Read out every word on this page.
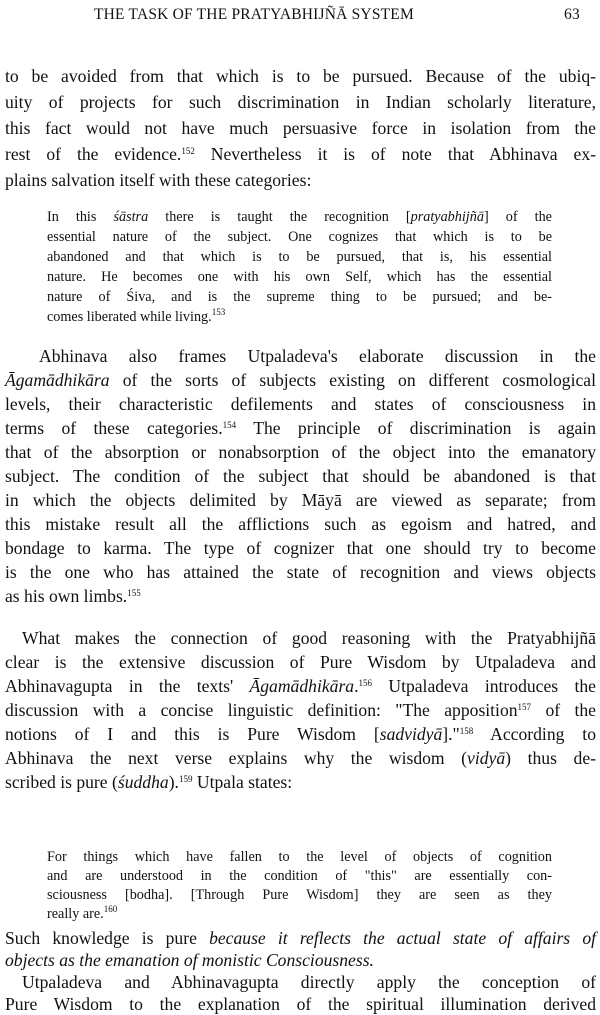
THE TASK OF THE PRATYABHIJÑĀ SYSTEM	63
to be avoided from that which is to be pursued. Because of the ubiq-
uity of projects for such discrimination in Indian scholarly literature,
this fact would not have much persuasive force in isolation from the
rest of the evidence.$^{152}$ Nevertheless it is of note that Abhinava ex-
plains salvation itself with these categories:
In this śāstra there is taught the recognition [pratyabhijñā] of the
essential nature of the subject. One cognizes that which is to be
abandoned and that which is to be pursued, that is, his essential
nature. He becomes one with his own Self, which has the essential
nature of Śiva, and is the supreme thing to be pursued; and be-
comes liberated while living.$^{153}$
Abhinava also frames Utpaladeva's elaborate discussion in the
Āgamādhikāra of the sorts of subjects existing on different cosmological
levels, their characteristic defilements and states of consciousness in
terms of these categories.$^{154}$ The principle of discrimination is again
that of the absorption or nonabsorption of the object into the emanatory
subject. The condition of the subject that should be abandoned is that
in which the objects delimited by Māyā are viewed as separate; from
this mistake result all the afflictions such as egoism and hatred, and
bondage to karma. The type of cognizer that one should try to become
is the one who has attained the state of recognition and views objects
as his own limbs.$^{155}$
What makes the connection of good reasoning with the Pratyabhijñā
clear is the extensive discussion of Pure Wisdom by Utpaladeva and
Abhinavagupta in the texts' Āgamādhikāra.$^{156}$ Utpaladeva introduces the
discussion with a concise linguistic definition: "The apposition$^{157}$ of the
notions of I and this is Pure Wisdom [sadvidyā]."$^{158}$ According to
Abhinava the next verse explains why the wisdom (vidyā) thus de-
scribed is pure (śuddha).$^{159}$ Utpala states:
For things which have fallen to the level of objects of cognition
and are understood in the condition of "this" are essentially con-
sciousness [bodha]. [Through Pure Wisdom] they are seen as they
really are.$^{160}$
Such knowledge is pure because it reflects the actual state of affairs of
objects as the emanation of monistic Consciousness.
Utpaladeva and Abhinavagupta directly apply the conception of
Pure Wisdom to the explanation of the spiritual illumination derived
